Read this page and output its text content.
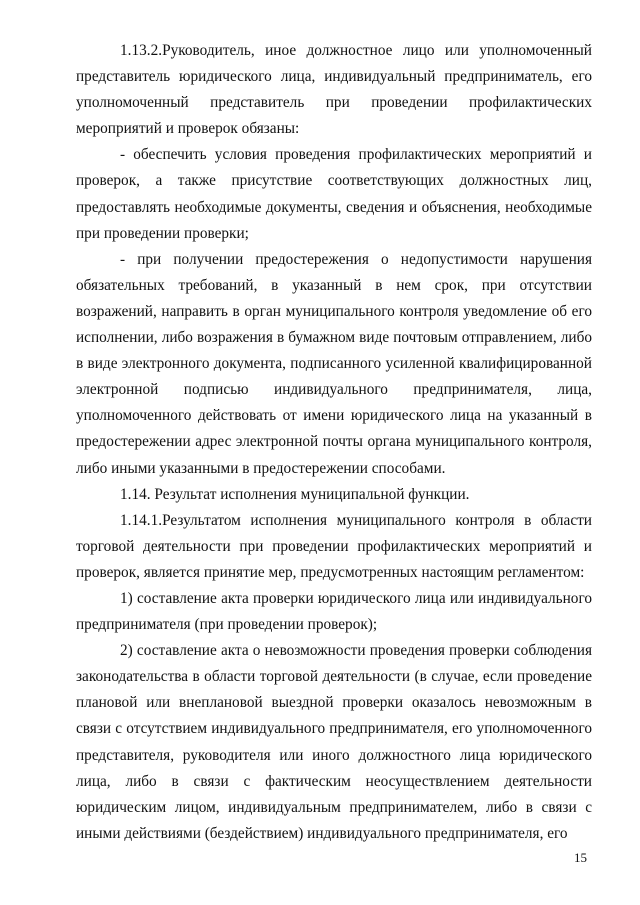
1.13.2.Руководитель, иное должностное лицо или уполномоченный представитель юридического лица, индивидуальный предприниматель, его уполномоченный представитель при проведении профилактических мероприятий и проверок обязаны:

- обеспечить условия проведения профилактических мероприятий и проверок, а также присутствие соответствующих должностных лиц, предоставлять необходимые документы, сведения и объяснения, необходимые при проведении проверки;

- при получении предостережения о недопустимости нарушения обязательных требований, в указанный в нем срок, при отсутствии возражений, направить в орган муниципального контроля уведомление об его исполнении, либо возражения в бумажном виде почтовым отправлением, либо в виде электронного документа, подписанного усиленной квалифицированной электронной подписью индивидуального предпринимателя, лица, уполномоченного действовать от имени юридического лица на указанный в предостережении адрес электронной почты органа муниципального контроля, либо иными указанными в предостережении способами.

1.14. Результат исполнения муниципальной функции.

1.14.1.Результатом исполнения муниципального контроля в области торговой деятельности при проведении профилактических мероприятий и проверок, является принятие мер, предусмотренных настоящим регламентом:

1) составление акта проверки юридического лица или индивидуального предпринимателя (при проведении проверок);

2) составление акта о невозможности проведения проверки соблюдения законодательства в области торговой деятельности (в случае, если проведение плановой или внеплановой выездной проверки оказалось невозможным в связи с отсутствием индивидуального предпринимателя, его уполномоченного представителя, руководителя или иного должностного лица юридического лица, либо в связи с фактическим неосуществлением деятельности юридическим лицом, индивидуальным предпринимателем, либо в связи с иными действиями (бездействием) индивидуального предпринимателя, его

15
